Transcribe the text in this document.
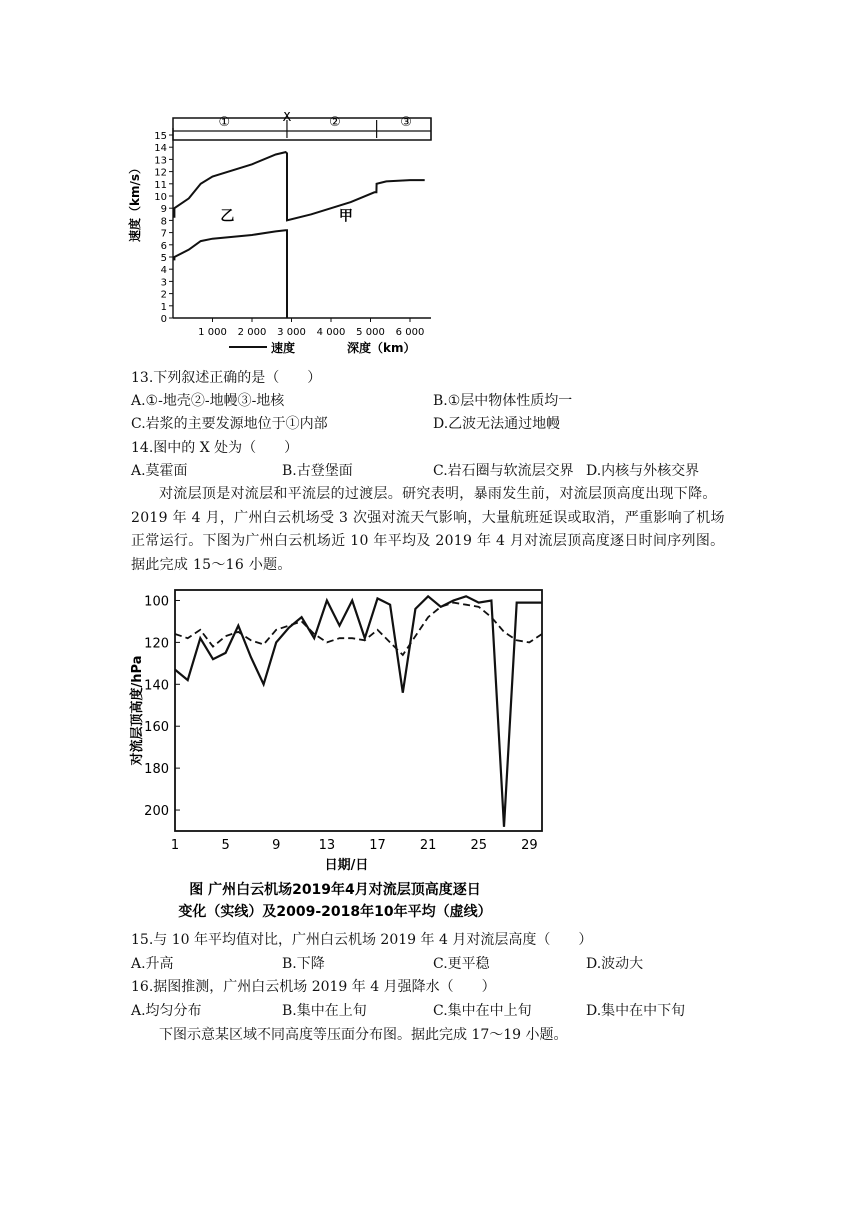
①	X	②	③
0
1
2
3
4
5
6
7
8
9
10
11
12
13
14
15
1 000 2 000 3 000 4 000 5 000 6 000
速度（km/s）
速度	深度（km）
乙	甲
13.下列叙述正确的是（　　）
A.①-地壳②-地幔③-地核	B.①层中物体性质均一
C.岩浆的主要发源地位于①内部	D.乙波无法通过地幔
14.图中的 X 处为（　　）
A.莫霍面	B.古登堡面	C.岩石圈与软流层交界 D.内核与外核交界
对流层顶是对流层和平流层的过渡层。研究表明，暴雨发生前，对流层顶高度出现下降。2019 年 4 月，广州白云机场受 3 次强对流天气影响，大量航班延误或取消，严重影响了机场正常运行。下图为广州白云机场近 10 年平均及 2019 年 4 月对流层顶高度逐日时间序列图。据此完成 15～16 小题。
100
120
140
160
180
200
1	5	9	13	17	21	25	29
对流层顶高度/hPa
日期/日
图 广州白云机场2019年4月对流层顶高度逐日
变化（实线）及2009-2018年10年平均（虚线）
15.与 10 年平均值对比，广州白云机场 2019 年 4 月对流层高度（　　）
A.升高	B.下降	C.更平稳	D.波动大
16.据图推测，广州白云机场 2019 年 4 月强降水（　　）
A.均匀分布	B.集中在上旬	C.集中在中上旬	D.集中在中下旬
下图示意某区域不同高度等压面分布图。据此完成 17～19 小题。
